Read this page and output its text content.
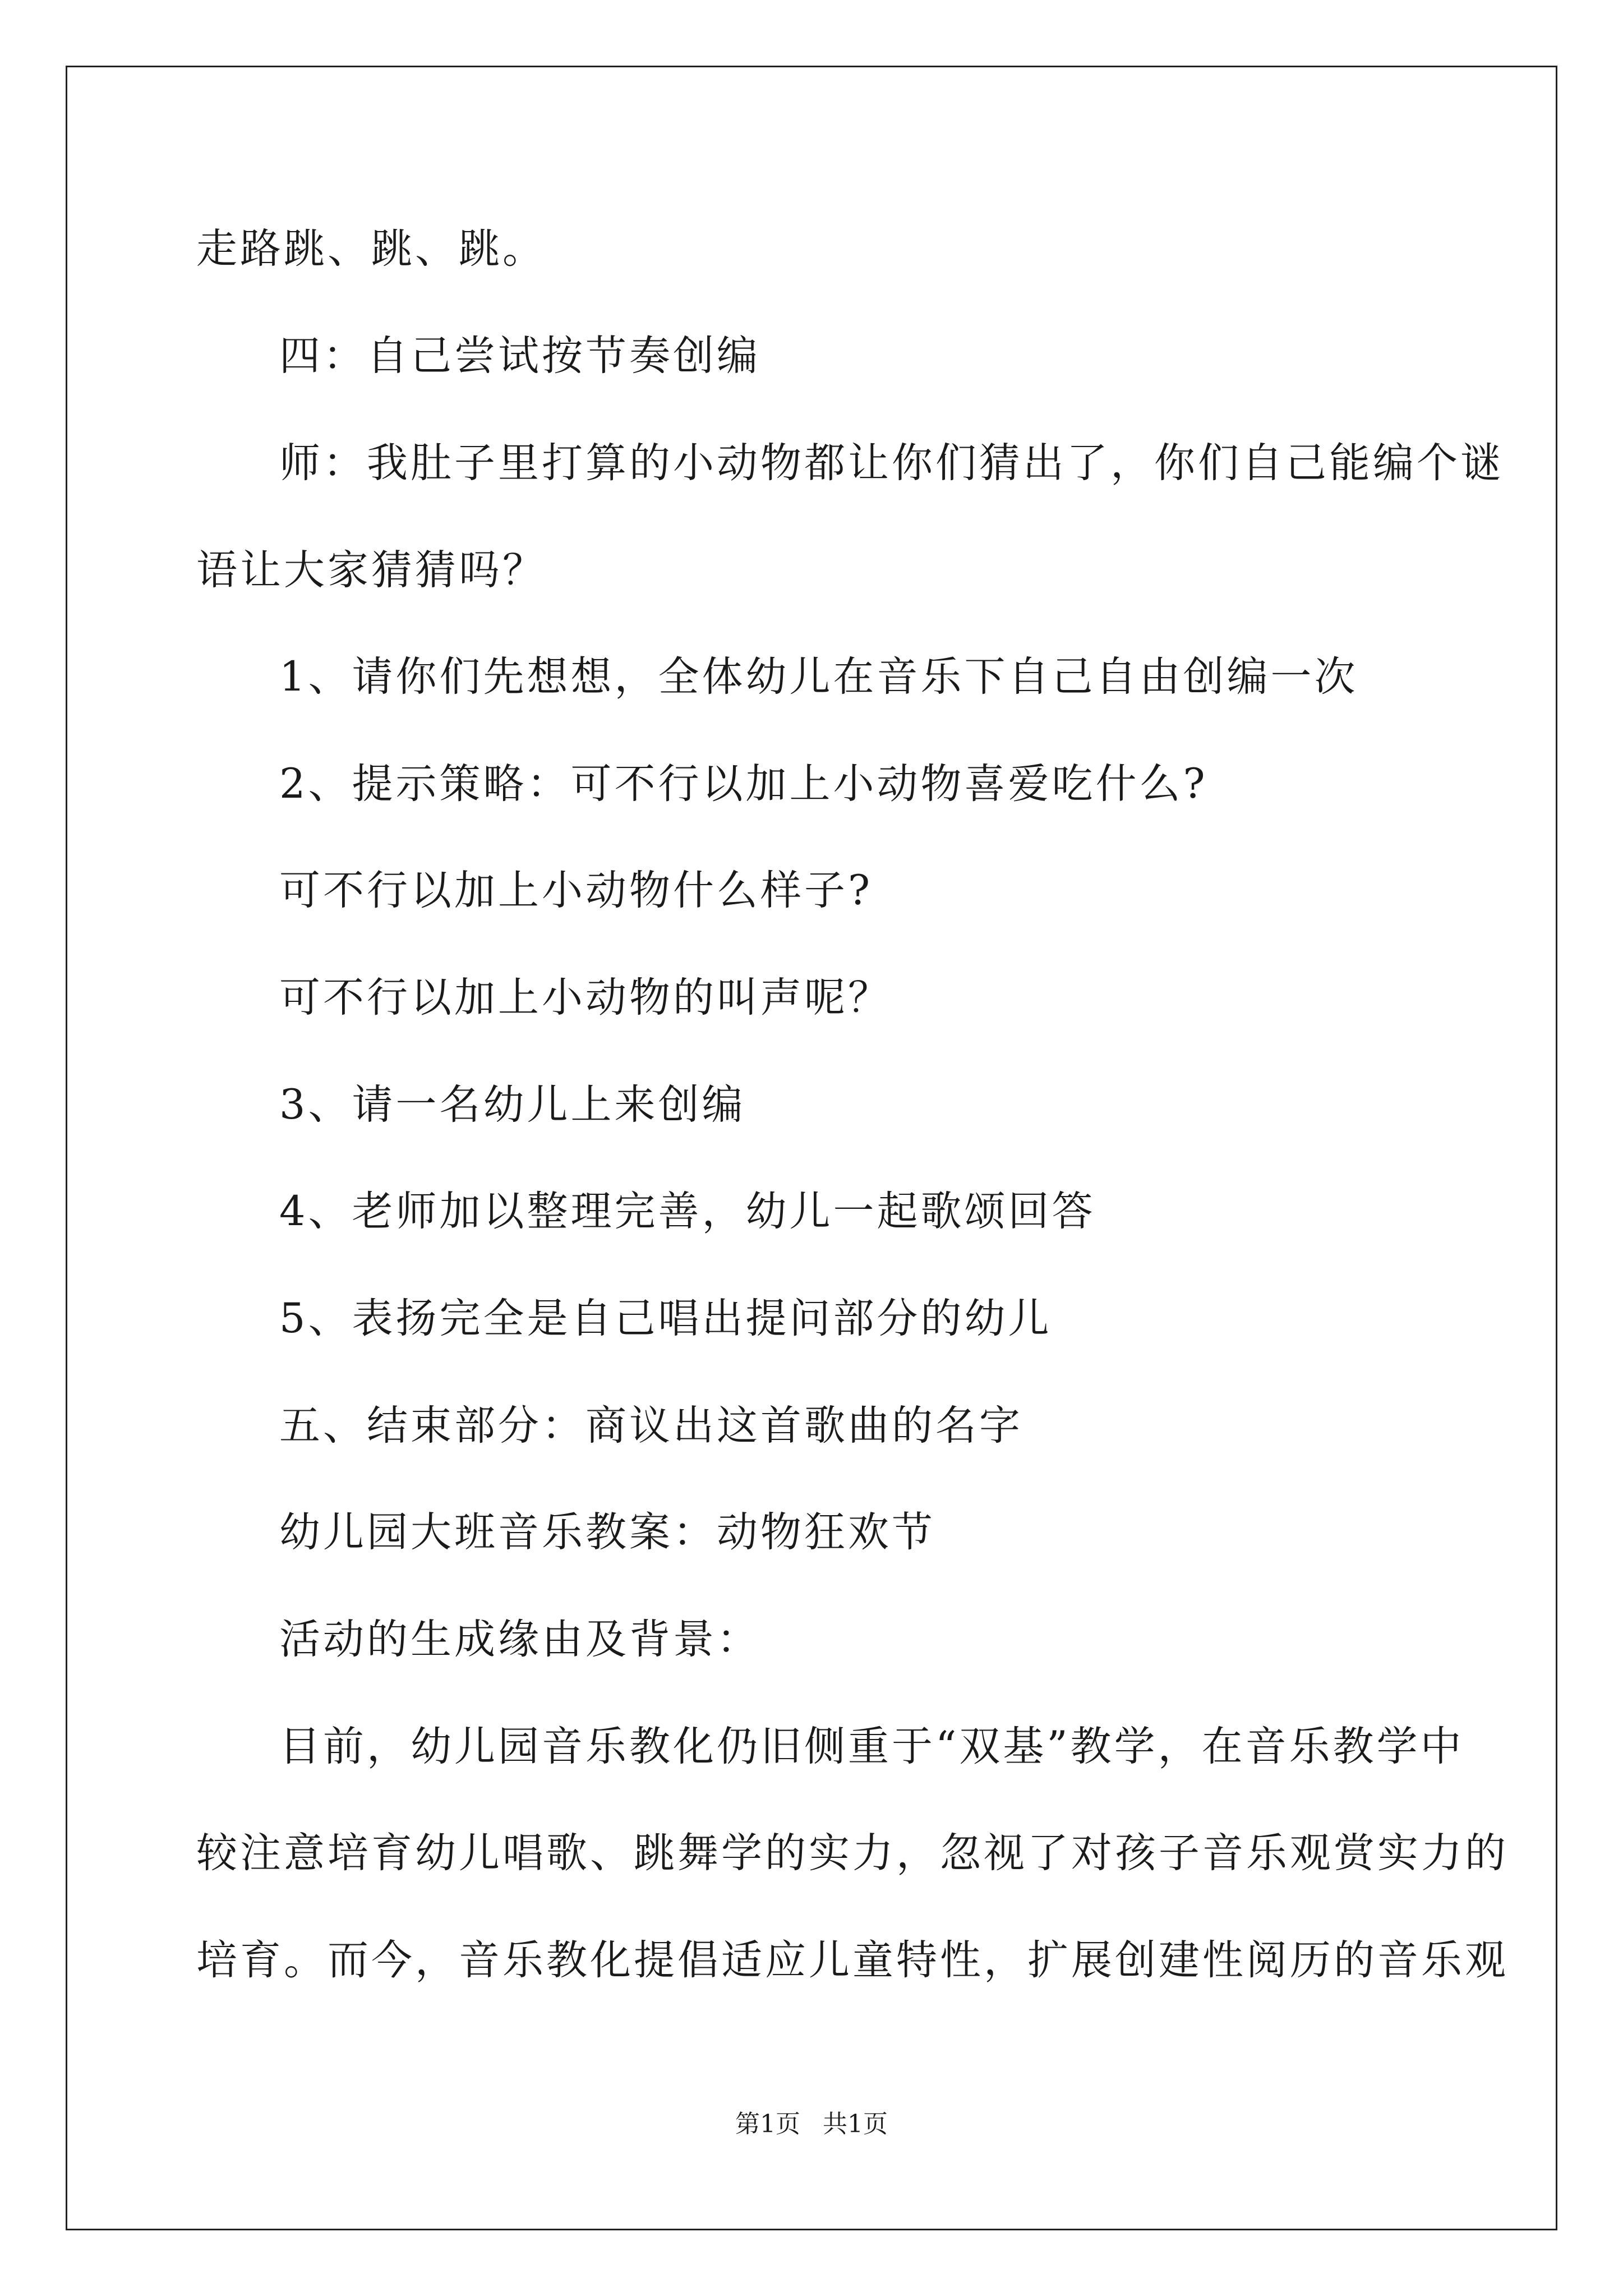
走路跳、跳、跳。
四：自己尝试按节奏创编
师：我肚子里打算的小动物都让你们猜出了，你们自己能编个谜
语让大家猜猜吗？
1、请你们先想想，全体幼儿在音乐下自己自由创编一次
2、提示策略：可不行以加上小动物喜爱吃什么?
可不行以加上小动物什么样子?
可不行以加上小动物的叫声呢？
3、请一名幼儿上来创编
4、老师加以整理完善，幼儿一起歌颂回答
5、表扬完全是自己唱出提问部分的幼儿
五、结束部分：商议出这首歌曲的名字
幼儿园大班音乐教案：动物狂欢节
活动的生成缘由及背景：
目前，幼儿园音乐教化仍旧侧重于“双基”教学，在音乐教学中
较注意培育幼儿唱歌、跳舞学的实力，忽视了对孩子音乐观赏实力的
培育。而今，音乐教化提倡适应儿童特性，扩展创建性阅历的音乐观
第1页 共1页
